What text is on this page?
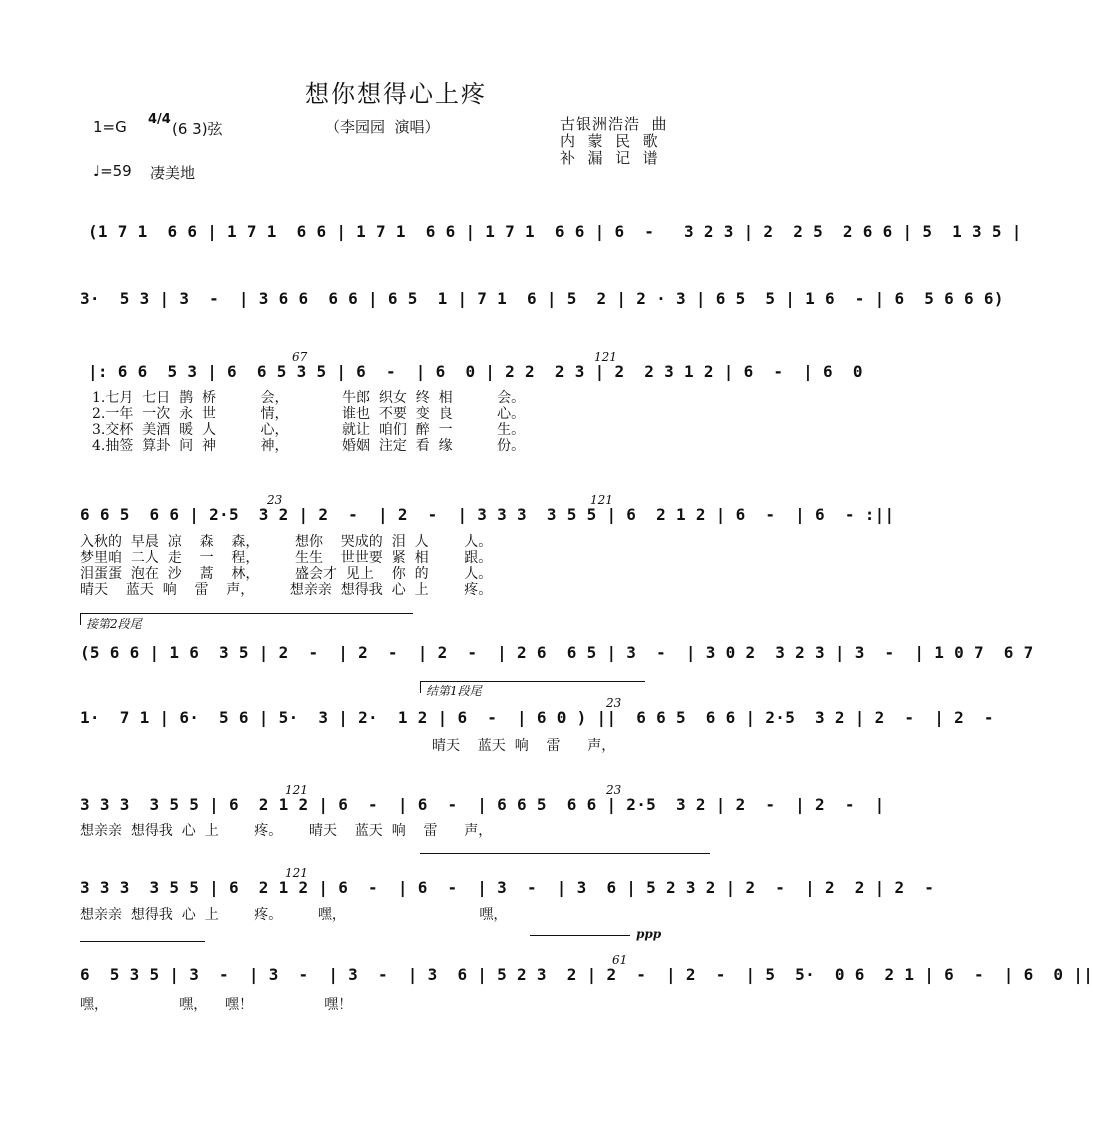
想你想得心上疼
1=G 4/4
(6 3)弦	（李园园  演唱）
♩=59 凄美地
古银洲浩浩  曲
内  蒙  民  歌
补  漏  记  谱
(1 7 1  6 6 | 1 7 1  6 6 | 1 7 1  6 6 | 1 7 1  6 6 | 6  -   3 2 3 | 2  2 5  2 6 6 | 5  1 3 5 |
3·  5 3 | 3  -  | 3 6 6  6 6 | 6 5  1 | 7 1  6 | 5  2 | 2 · 3 | 6 5  5 | 1 6  - | 6  5 6 6 6)
|: 6 6  5 3 | 6  6 5 3 5 | 6  -  | 6  0 | 2 2  2 3 | 2  2 3 1 2 | 6  -  | 6  0
67	121
1.七月  七日  鹊  桥          会，            牛郎  织女  终  相          会。
2.一年  一次  永  世          情，            谁也  不要  变  良          心。
3.交杯  美酒  暖  人          心，            就让  咱们  醉  一          生。
4.抽签  算卦  问  神          神，            婚姻  注定  看  缘          份。
6 6 5  6 6 | 2·5  3 2 | 2  -  | 2  -  | 3 3 3  3 5 5 | 6  2 1 2 | 6  -  | 6  - :||
23	121
入秋的  早晨  凉    森    森，        想你    哭成的  泪  人        人。
梦里咱  二人  走    一    程，        生生    世世要  紧  相        跟。
泪蛋蛋  泡在  沙    蒿    林，        盛会才  见上    你  的        人。
晴天    蓝天  响    雷    声，        想亲亲  想得我  心  上        疼。
接第2段尾
(5 6 6 | 1 6  3 5 | 2  -  | 2  -  | 2  -  | 2 6  6 5 | 3  -  | 3 0 2  3 2 3 | 3  -  | 1 0 7  6 7
结第1段尾
1·  7 1 | 6·  5 6 | 5·  3 | 2·  1 2 | 6  -  | 6 0 ) ||  6 6 5  6 6 | 2·5  3 2 | 2  -  | 2  -
23
晴天    蓝天  响    雷      声，
3 3 3  3 5 5 | 6  2 1 2 | 6  -  | 6  -  | 6 6 5  6 6 | 2·5  3 2 | 2  -  | 2  -  |
121	23
想亲亲  想得我  心  上        疼。      晴天    蓝天  响    雷      声，
3 3 3  3 5 5 | 6  2 1 2 | 6  -  | 6  -  | 3  -  | 3  6 | 5 2 3 2 | 2  -  | 2  2 | 2  -
121
想亲亲  想得我  心  上        疼。        嘿，                              嘿，
ppp
6  5 3 5 | 3  -  | 3  -  | 3  -  | 3  6 | 5 2 3  2 | 2  -  | 2  -  | 5  5·  0 6  2 1 | 6  -  | 6  0 ||
61
嘿，                嘿，    嘿！                嘿！
